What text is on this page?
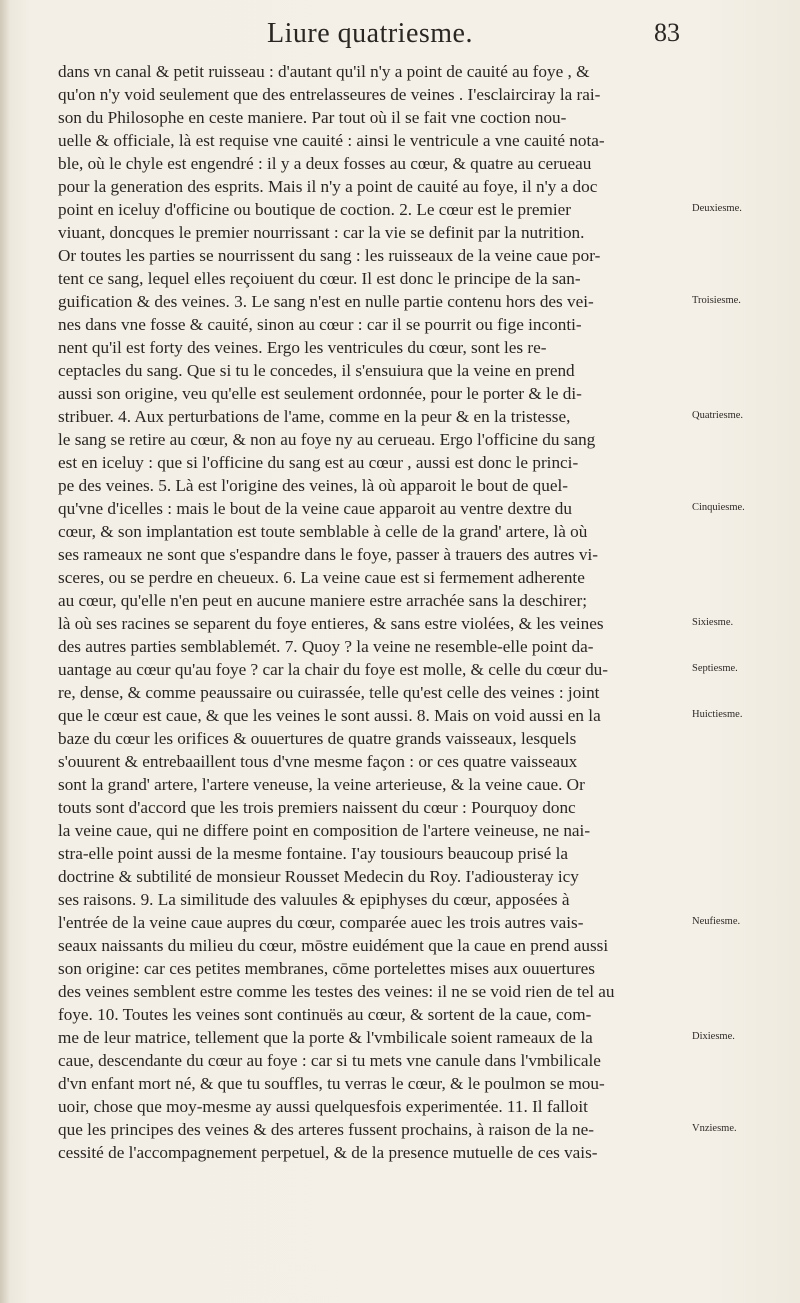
Liure quatriesme.	83
dans vn canal & petit ruisseau : d'autant qu'il n'y a point de cauité au foye , &
qu'on n'y void seulement que des entrelasseures de veines . I'esclairciray la rai-
son du Philosophe en ceste maniere. Par tout où il se fait vne coction nou-
uelle & officiale, là est requise vne cauité : ainsi le ventricule a vne cauité nota-
ble, où le chyle est engendré : il y a deux fosses au cœur, & quatre au cerueau
pour la generation des esprits. Mais il n'y a point de cauité au foye, il n'y a doc
point en iceluy d'officine ou boutique de coction. 2. Le cœur est le premier
viuant, doncques le premier nourrissant : car la vie se definit par la nutrition.
Or toutes les parties se nourrissent du sang : les ruisseaux de la veine caue por-
tent ce sang, lequel elles reçoiuent du cœur. Il est donc le principe de la san-
guification & des veines. 3. Le sang n'est en nulle partie contenu hors des vei-
nes dans vne fosse & cauité, sinon au cœur : car il se pourrit ou fige inconti-
nent qu'il est forty des veines. Ergo les ventricules du cœur, sont les re-
ceptacles du sang. Que si tu le concedes, il s'ensuiura que la veine en prend
aussi son origine, veu qu'elle est seulement ordonnée, pour le porter & le di-
stribuer. 4. Aux perturbations de l'ame, comme en la peur & en la tristesse,
le sang se retire au cœur, & non au foye ny au cerueau. Ergo l'officine du sang
est en iceluy : que si l'officine du sang est au cœur , aussi est donc le princi-
pe des veines. 5. Là est l'origine des veines, là où apparoit le bout de quel-
qu'vne d'icelles : mais le bout de la veine caue apparoit au ventre dextre du
cœur, & son implantation est toute semblable à celle de la grand' artere, là où
ses rameaux ne sont que s'espandre dans le foye, passer à trauers des autres vi-
sceres, ou se perdre en cheueux. 6. La veine caue est si fermement adherente
au cœur, qu'elle n'en peut en aucune maniere estre arrachée sans la deschirer;
là où ses racines se separent du foye entieres, & sans estre violées, & les veines
des autres parties semblablemét. 7. Quoy ? la veine ne resemble-elle point da-
uantage au cœur qu'au foye ? car la chair du foye est molle, & celle du cœur du-
re, dense, & comme peaussaire ou cuirassée, telle qu'est celle des veines : joint
que le cœur est caue, & que les veines le sont aussi. 8. Mais on void aussi en la
baze du cœur les orifices & ouuertures de quatre grands vaisseaux, lesquels
s'ouurent & entrebaaillent tous d'vne mesme façon : or ces quatre vaisseaux
sont la grand' artere, l'artere veneuse, la veine arterieuse, & la veine caue. Or
touts sont d'accord que les trois premiers naissent du cœur : Pourquoy donc
la veine caue, qui ne differe point en composition de l'artere veineuse, ne nai-
stra-elle point aussi de la mesme fontaine. I'ay tousiours beaucoup prisé la
doctrine & subtilité de monsieur Rousset Medecin du Roy. I'adiousteray icy
ses raisons. 9. La similitude des valuules & epiphyses du cœur, apposées à
l'entrée de la veine caue aupres du cœur, comparée auec les trois autres vais-
seaux naissants du milieu du cœur, mōstre euidément que la caue en prend aussi
son origine: car ces petites membranes, cōme portelettes mises aux ouuertures
des veines semblent estre comme les testes des veines: il ne se void rien de tel au
foye. 10. Toutes les veines sont continuës au cœur, & sortent de la caue, com-
me de leur matrice, tellement que la porte & l'vmbilicale soient rameaux de la
caue, descendante du cœur au foye : car si tu mets vne canule dans l'vmbilicale
d'vn enfant mort né, & que tu souffles, tu verras le cœur, & le poulmon se mou-
uoir, chose que moy-mesme ay aussi quelquesfois experimentée. 11. Il falloit
que les principes des veines & des arteres fussent prochains, à raison de la ne-
cessité de l'accompagnement perpetuel, & de la presence mutuelle de ces vais-
Deuxiesme.
Troisiesme.
Quatriesme.
Cinquiesme.
Sixiesme.
Septiesme.
Huictiesme.
Neufiesme.
Dixiesme.
Vnziesme.
